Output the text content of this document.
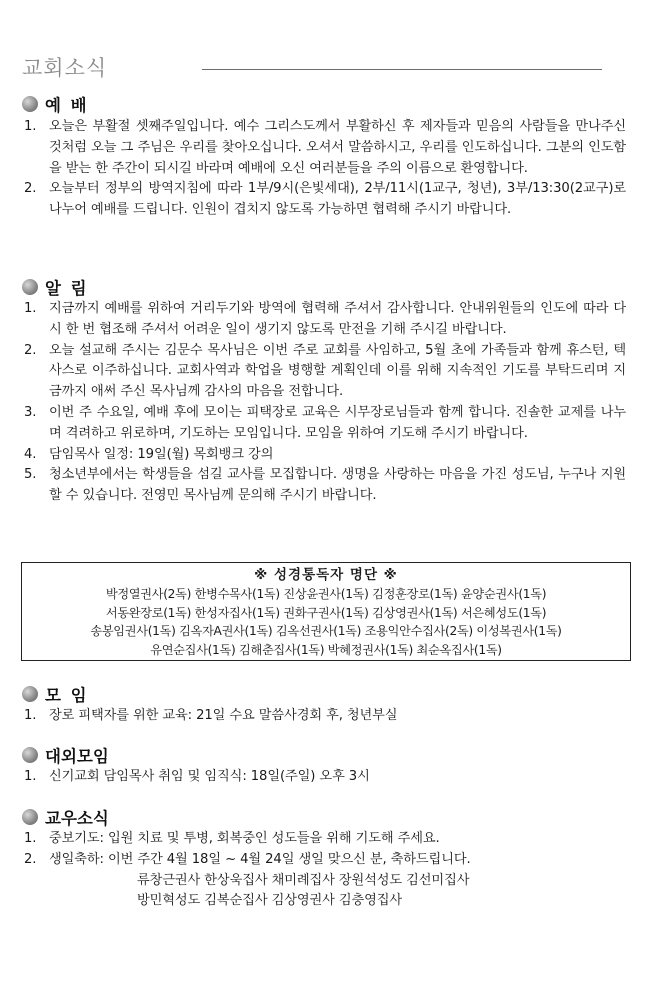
교회소식
예 배
1. 오늘은 부활절 셋째주일입니다. 예수 그리스도께서 부활하신 후 제자들과 믿음의 사람들을 만나주신 것처럼 오늘 그 주님은 우리를 찾아오십니다. 오셔서 말씀하시고, 우리를 인도하십니다. 그분의 인도함을 받는 한 주간이 되시길 바라며 예배에 오신 여러분들을 주의 이름으로 환영합니다.
2. 오늘부터 정부의 방역지침에 따라 1부/9시(은빛세대), 2부/11시(1교구, 청년), 3부/13:30(2교구)로 나누어 예배를 드립니다. 인원이 겹치지 않도록 가능하면 협력해 주시기 바랍니다.
알 림
1. 지금까지 예배를 위하여 거리두기와 방역에 협력해 주셔서 감사합니다. 안내위원들의 인도에 따라 다시 한 번 협조해 주셔서 어려운 일이 생기지 않도록 만전을 기해 주시길 바랍니다.
2. 오늘 설교해 주시는 김문수 목사님은 이번 주로 교회를 사임하고, 5월 초에 가족들과 함께 휴스턴, 텍사스로 이주하십니다. 교회사역과 학업을 병행할 계획인데 이를 위해 지속적인 기도를 부탁드리며 지금까지 애써 주신 목사님께 감사의 마음을 전합니다.
3. 이번 주 수요일, 예배 후에 모이는 피택장로 교육은 시무장로님들과 함께 합니다. 진솔한 교제를 나누며 격려하고 위로하며, 기도하는 모임입니다. 모임을 위하여 기도해 주시기 바랍니다.
4. 담임목사 일정: 19일(월) 목회뱅크 강의
5. 청소년부에서는 학생들을 섬길 교사를 모집합니다. 생명을 사랑하는 마음을 가진 성도님, 누구나 지원할 수 있습니다. 전영민 목사님께 문의해 주시기 바랍니다.
※ 성경통독자 명단 ※
박정열권사(2독) 한병수목사(1독) 진상윤권사(1독) 김정훈장로(1독) 윤양순권사(1독)
서동완장로(1독) 한성자집사(1독) 권화구권사(1독) 김상영권사(1독) 서은혜성도(1독)
송봉임권사(1독) 김옥자A권사(1독) 김옥선권사(1독) 조용익안수집사(2독) 이성복권사(1독)
유연순집사(1독) 김해춘집사(1독) 박혜정권사(1독) 최순옥집사(1독)
모 임
1. 장로 피택자를 위한 교육: 21일 수요 말씀사경회 후, 청년부실
대외모임
1. 신기교회 담임목사 취임 및 임직식: 18일(주일) 오후 3시
교우소식
1. 중보기도: 입원 치료 및 투병, 회복중인 성도들을 위해 기도해 주세요.
2. 생일축하: 이번 주간 4월 18일 ~ 4월 24일 생일 맞으신 분, 축하드립니다.
류창근권사 한상욱집사 채미례집사 장원석성도 김선미집사
방민혁성도 김복순집사 김상영권사 김충영집사
